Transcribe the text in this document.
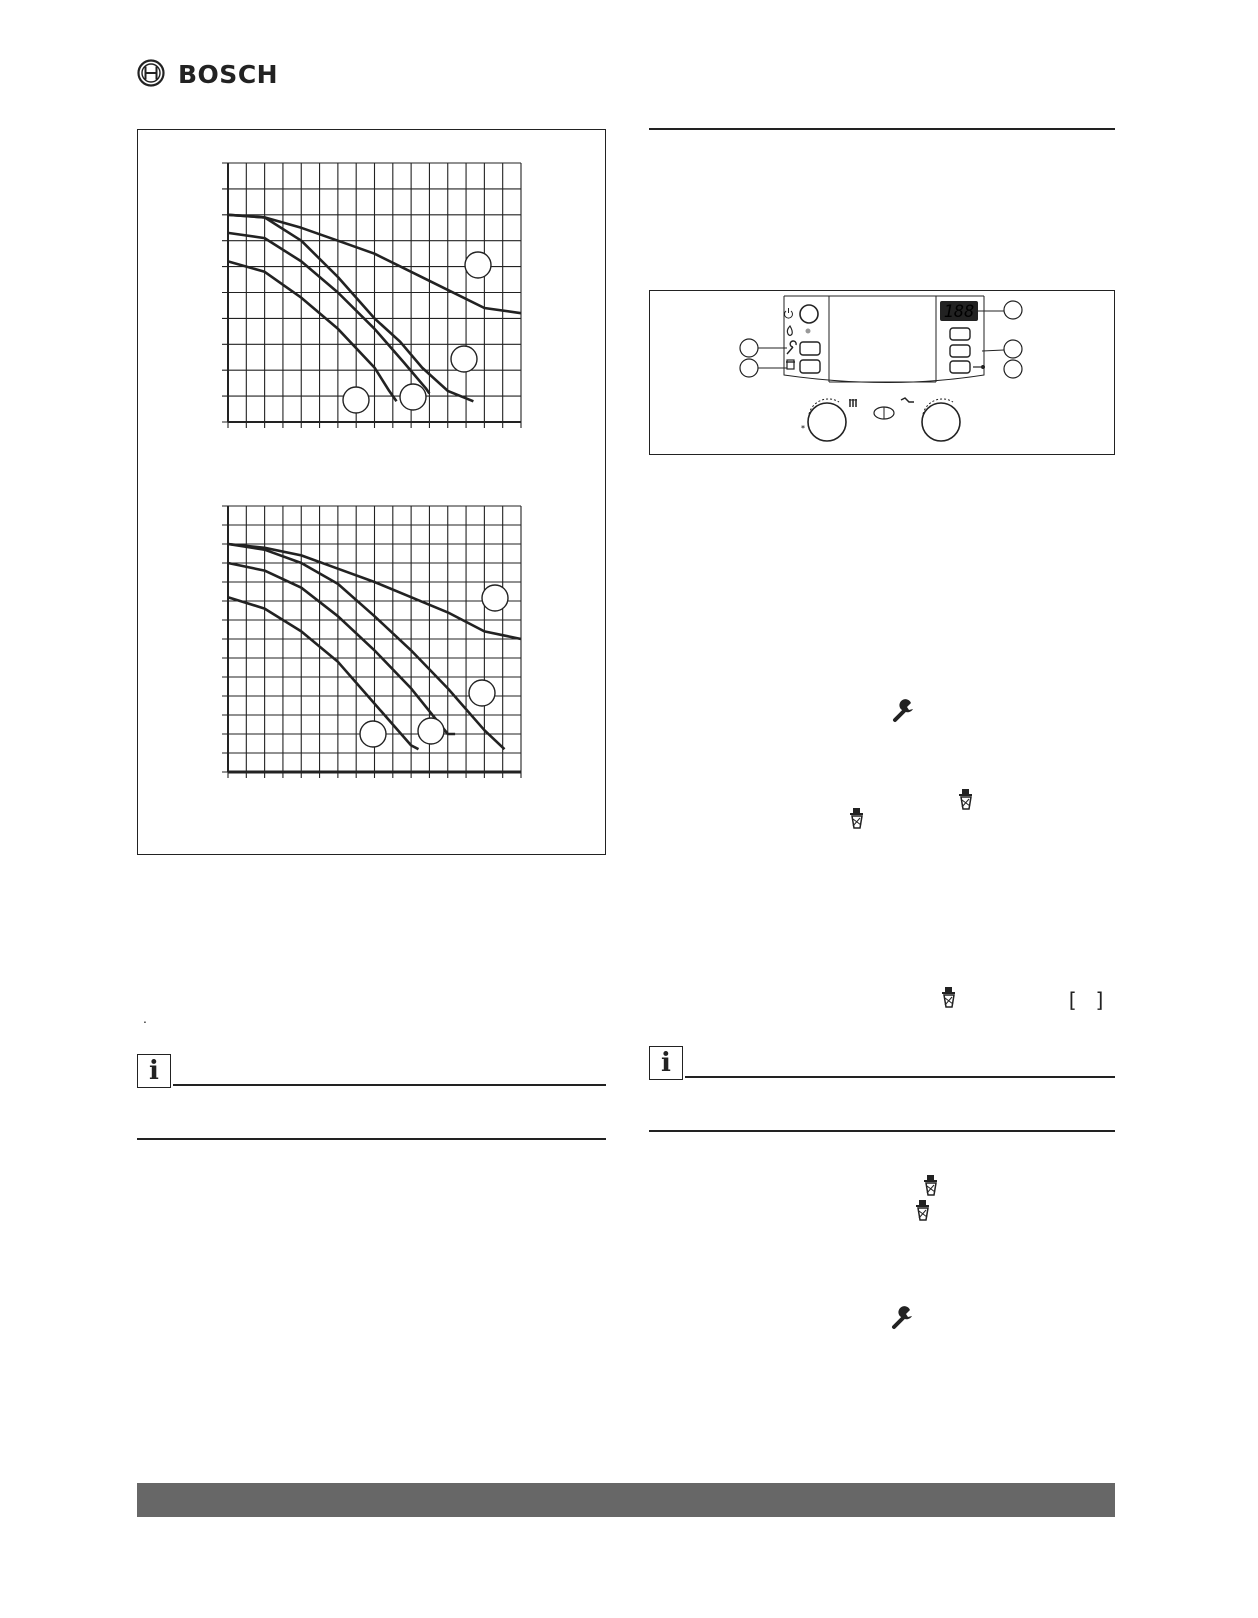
BOSCH
.
i
188
*
[ ]
i
